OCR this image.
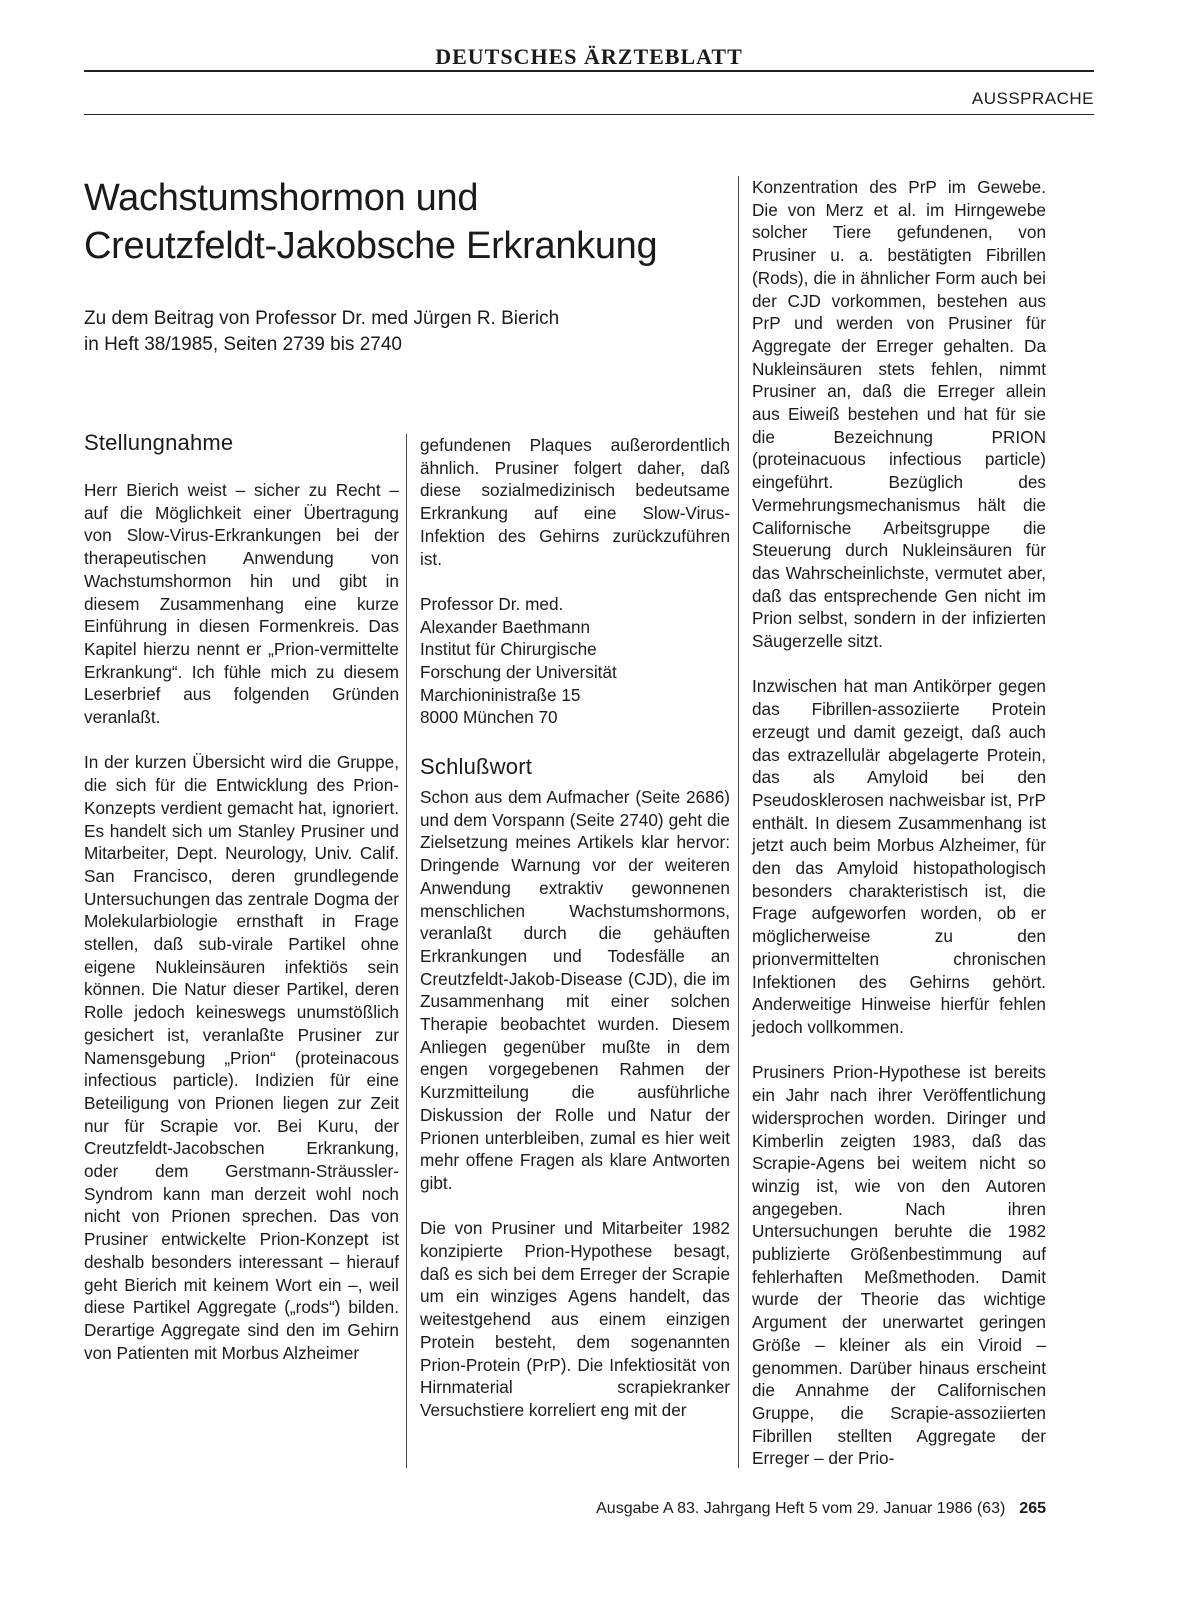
DEUTSCHES ÄRZTEBLATT
AUSSPRACHE
Wachstumshormon und
Creutzfeldt-Jakobsche Erkrankung
Zu dem Beitrag von Professor Dr. med Jürgen R. Bierich
in Heft 38/1985, Seiten 2739 bis 2740
Stellungnahme

Herr Bierich weist – sicher zu Recht – auf die Möglichkeit einer Übertragung von Slow-Virus-Erkrankungen bei der therapeutischen Anwendung von Wachstumshormon hin und gibt in diesem Zusammenhang eine kurze Einführung in diesen Formenkreis. Das Kapitel hierzu nennt er „Prion-vermittelte Erkrankung“. Ich fühle mich zu diesem Leserbrief aus folgenden Gründen veranlaßt.

In der kurzen Übersicht wird die Gruppe, die sich für die Entwicklung des Prion-Konzepts verdient gemacht hat, ignoriert. Es handelt sich um Stanley Prusiner und Mitarbeiter, Dept. Neurology, Univ. Calif. San Francisco, deren grundlegende Untersuchungen das zentrale Dogma der Molekularbiologie ernsthaft in Frage stellen, daß sub-virale Partikel ohne eigene Nukleinsäuren infektiös sein können. Die Natur dieser Partikel, deren Rolle jedoch keineswegs unumstößlich gesichert ist, veranlaßte Prusiner zur Namensgebung „Prion“ (proteinacous infectious particle). Indizien für eine Beteiligung von Prionen liegen zur Zeit nur für Scrapie vor. Bei Kuru, der Creutzfeldt-Jacobschen Erkrankung, oder dem Gerstmann-Sträussler-Syndrom kann man derzeit wohl noch nicht von Prionen sprechen. Das von Prusiner entwickelte Prion-Konzept ist deshalb besonders interessant – hierauf geht Bierich mit keinem Wort ein –, weil diese Partikel Aggregate („rods“) bilden. Derartige Aggregate sind den im Gehirn von Patienten mit Morbus Alzheimer

gefundenen Plaques außerordentlich ähnlich. Prusiner folgert daher, daß diese sozialmedizinisch bedeutsame Erkrankung auf eine Slow-Virus-Infektion des Gehirns zurückzuführen ist.

Professor Dr. med.
Alexander Baethmann
Institut für Chirurgische
Forschung der Universität
Marchioninistraße 15
8000 München 70
Schlußwort

Schon aus dem Aufmacher (Seite 2686) und dem Vorspann (Seite 2740) geht die Zielsetzung meines Artikels klar hervor: Dringende Warnung vor der weiteren Anwendung extraktiv gewonnenen menschlichen Wachstumshormons, veranlaßt durch die gehäuften Erkrankungen und Todesfälle an Creutzfeldt-Jakob-Disease (CJD), die im Zusammenhang mit einer solchen Therapie beobachtet wurden. Diesem Anliegen gegenüber mußte in dem engen vorgegebenen Rahmen der Kurzmitteilung die ausführliche Diskussion der Rolle und Natur der Prionen unterbleiben, zumal es hier weit mehr offene Fragen als klare Antworten gibt.

Die von Prusiner und Mitarbeiter 1982 konzipierte Prion-Hypothese besagt, daß es sich bei dem Erreger der Scrapie um ein winziges Agens handelt, das weitestgehend aus einem einzigen Protein besteht, dem sogenannten Prion-Protein (PrP). Die Infektiosität von Hirnmaterial scrapiekranker Versuchstiere korreliert eng mit der

Konzentration des PrP im Gewebe. Die von Merz et al. im Hirngewebe solcher Tiere gefundenen, von Prusiner u. a. bestätigten Fibrillen (Rods), die in ähnlicher Form auch bei der CJD vorkommen, bestehen aus PrP und werden von Prusiner für Aggregate der Erreger gehalten. Da Nukleinsäuren stets fehlen, nimmt Prusiner an, daß die Erreger allein aus Eiweiß bestehen und hat für sie die Bezeichnung PRION (proteinacuous infectious particle) eingeführt. Bezüglich des Vermehrungsmechanismus hält die Californische Arbeitsgruppe die Steuerung durch Nukleinsäuren für das Wahrscheinlichste, vermutet aber, daß das entsprechende Gen nicht im Prion selbst, sondern in der infizierten Säugerzelle sitzt.

Inzwischen hat man Antikörper gegen das Fibrillen-assoziierte Protein erzeugt und damit gezeigt, daß auch das extrazellulär abgelagerte Protein, das als Amyloid bei den Pseudosklerosen nachweisbar ist, PrP enthält. In diesem Zusammenhang ist jetzt auch beim Morbus Alzheimer, für den das Amyloid histopathologisch besonders charakteristisch ist, die Frage aufgeworfen worden, ob er möglicherweise zu den prionvermittelten chronischen Infektionen des Gehirns gehört. Anderweitige Hinweise hierfür fehlen jedoch vollkommen.

Prusiners Prion-Hypothese ist bereits ein Jahr nach ihrer Veröffentlichung widersprochen worden. Diringer und Kimberlin zeigten 1983, daß das Scrapie-Agens bei weitem nicht so winzig ist, wie von den Autoren angegeben. Nach ihren Untersuchungen beruhte die 1982 publizierte Größenbestimmung auf fehlerhaften Meßmethoden. Damit wurde der Theorie das wichtige Argument der unerwartet geringen Größe – kleiner als ein Viroid – genommen. Darüber hinaus erscheint die Annahme der Californischen Gruppe, die Scrapie-assoziierten Fibrillen stellten Aggregate der Erreger – der Prio-

Ausgabe A 83. Jahrgang Heft 5 vom 29. Januar 1986 (63) 265
